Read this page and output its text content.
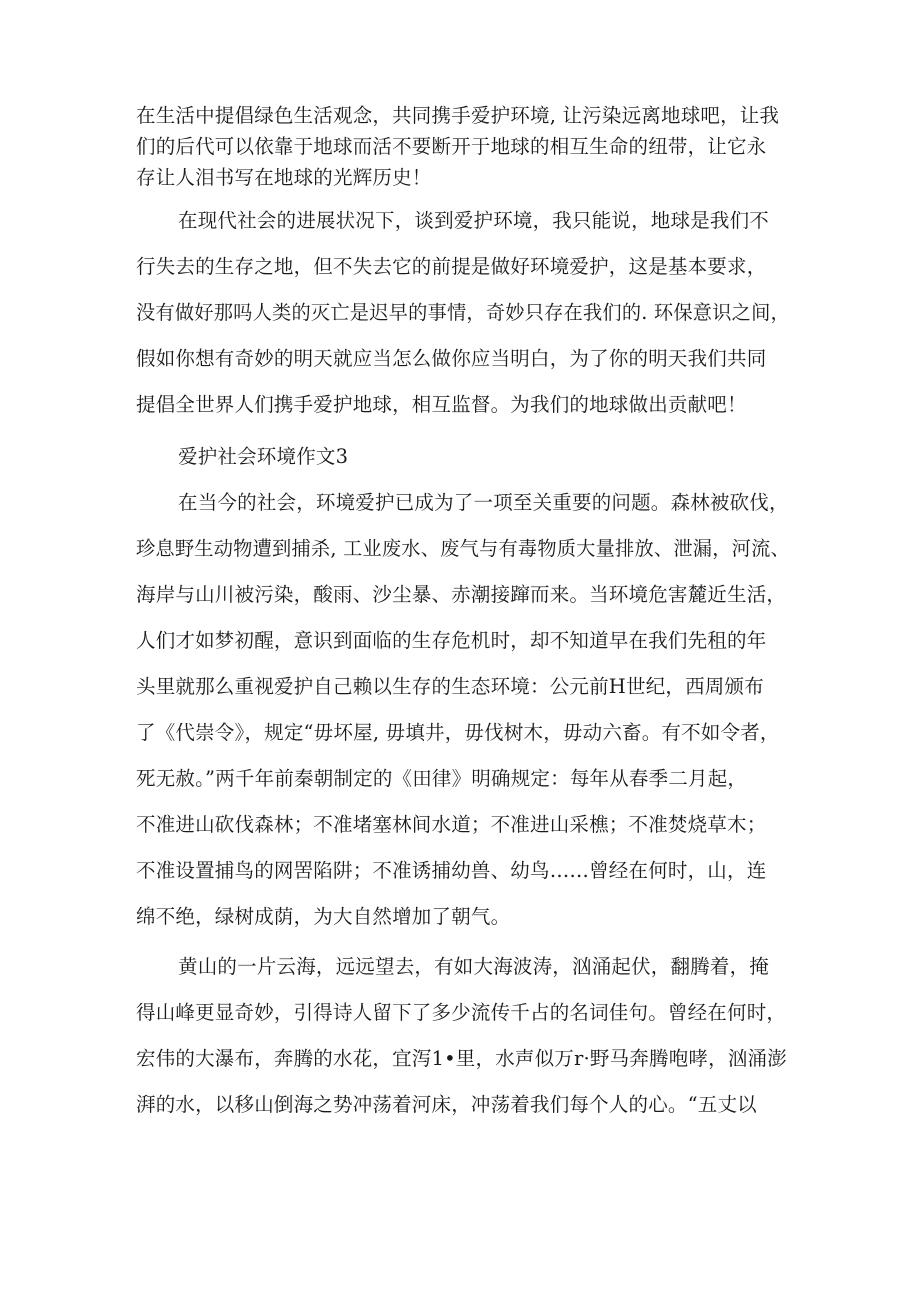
在生活中提倡绿色生活观念，共同携手爱护环境, 让污染远离地球吧，让我
们的后代可以依靠于地球而活不要断开于地球的相互生命的纽带，让它永
存让人泪书写在地球的光辉历史！
在现代社会的进展状况下，谈到爱护环境，我只能说，地球是我们不
行失去的生存之地，但不失去它的前提是做好环境爱护，这是基本要求，
没有做好那吗人类的灭亡是迟早的事情，奇妙只存在我们的. 环保意识之间，
假如你想有奇妙的明天就应当怎么做你应当明白，为了你的明天我们共同
提倡全世界人们携手爱护地球，相互监督。为我们的地球做出贡献吧！
爱护社会环境作文3
在当今的社会，环境爱护已成为了一项至关重要的问题。森林被砍伐，
珍息野生动物遭到捕杀, 工业废水、废气与有毒物质大量排放、泄漏，河流、
海岸与山川被污染，酸雨、沙尘暴、赤潮接蹿而来。当环境危害麓近生活，
人们才如梦初醒，意识到面临的生存危机时，却不知道早在我们先租的年
头里就那么重视爱护自己赖以生存的生态环境：公元前H世纪，西周颁布
了《代崇令》，规定“毋坏屋, 毋填井，毋伐树木，毋动六畜。有不如令者，
死无赦。”两千年前秦朝制定的《田律》明确规定：每年从春季二月起，
不准进山砍伐森林；不准堵塞林间水道；不准进山采樵；不准焚烧草木；
不准设置捕鸟的网罟陷阱；不准诱捕幼兽、幼鸟……曾经在何时，山，连
绵不绝，绿树成荫，为大自然增加了朝气。
黄山的一片云海，远远望去，有如大海波涛，汹涌起伏，翻腾着，掩
得山峰更显奇妙，引得诗人留下了多少流传千占的名词佳句。曾经在何时，
宏伟的大瀑布，奔腾的水花，宜泻1•里，水声似万r·野马奔腾咆哮，汹涌澎
湃的水，以移山倒海之势冲荡着河床，冲荡着我们每个人的心。“五丈以
